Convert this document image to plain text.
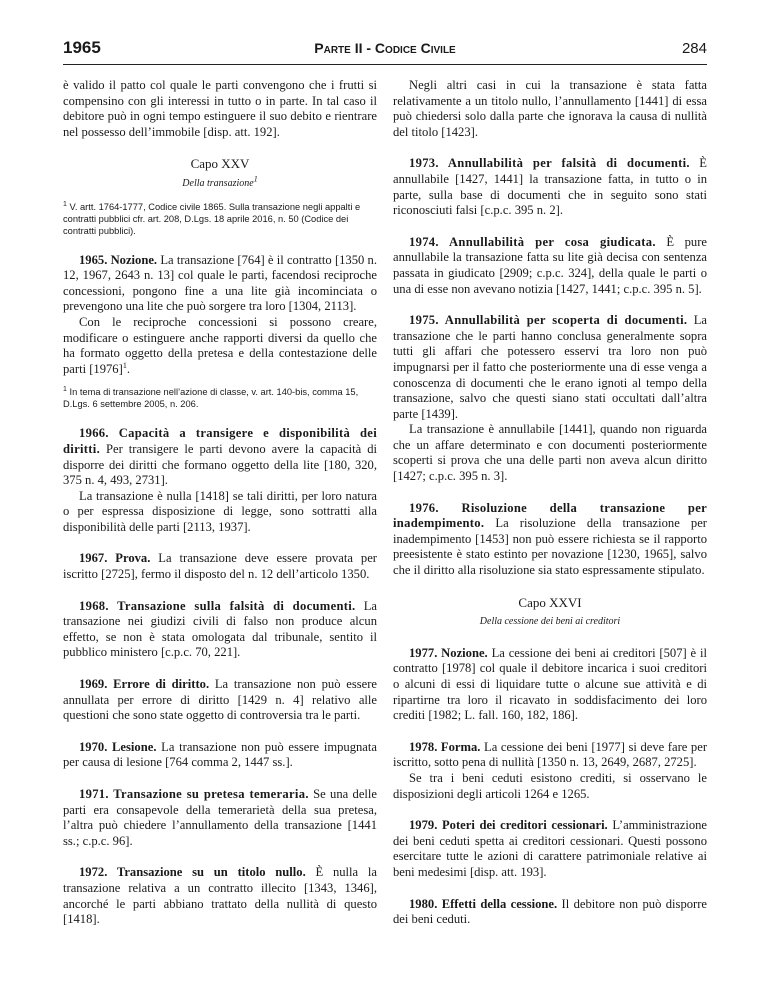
1965	Parte II - Codice Civile	284

è valido il patto col quale le parti convengono che i frutti si compensino con gli interessi in tutto o in parte. In tal caso il debitore può in ogni tempo estinguere il suo debito e rientrare nel possesso dell’immobile [disp. att. 192].

Capo XXV
Della transazione$^1$

$^1$ V. artt. 1764-1777, Codice civile 1865. Sulla transazione negli appalti e contratti pubblici cfr. art. 208, D.Lgs. 18 aprile 2016, n. 50 (Codice dei contratti pubblici).

1965. Nozione. La transazione [764] è il contratto [1350 n. 12, 1967, 2643 n. 13] col quale le parti, facendosi reciproche concessioni, pongono fine a una lite già incominciata o prevengono una lite che può sorgere tra loro [1304, 2113].

Con le reciproche concessioni si possono creare, modificare o estinguere anche rapporti diversi da quello che ha formato oggetto della pretesa e della contestazione delle parti $[1976]^1$.

$^1$ In tema di transazione nell’azione di classe, v. art. 140-bis, comma 15, D.Lgs. 6 settembre 2005, n. 206.

1966. Capacità a transigere e disponibilità dei diritti. Per transigere le parti devono avere la capacità di disporre dei diritti che formano oggetto della lite [180, 320, 375 n. 4, 493, 2731].

La transazione è nulla [1418] se tali diritti, per loro natura o per espressa disposizione di legge, sono sottratti alla disponibilità delle parti [2113, 1937].

1967. Prova. La transazione deve essere provata per iscritto [2725], fermo il disposto del n. 12 dell’articolo 1350.

1968. Transazione sulla falsità di documenti. La transazione nei giudizi civili di falso non produce alcun effetto, se non è stata omologata dal tribunale, sentito il pubblico ministero [c.p.c. 70, 221].

1969. Errore di diritto. La transazione non può essere annullata per errore di diritto [1429 n. 4] relativo alle questioni che sono state oggetto di controversia tra le parti.

1970. Lesione. La transazione non può essere impugnata per causa di lesione [764 comma 2, 1447 ss.].

1971. Transazione su pretesa temeraria. Se una delle parti era consapevole della temerarietà della sua pretesa, l’altra può chiedere l’annullamento della transazione [1441 ss.; c.p.c. 96].

1972. Transazione su un titolo nullo. È nulla la transazione relativa a un contratto illecito [1343, 1346], ancorché le parti abbiano trattato della nullità di questo [1418].

Negli altri casi in cui la transazione è stata fatta relativamente a un titolo nullo, l’annullamento [1441] di essa può chiedersi solo dalla parte che ignorava la causa di nullità del titolo [1423].

1973. Annullabilità per falsità di documenti. È annullabile [1427, 1441] la transazione fatta, in tutto o in parte, sulla base di documenti che in seguito sono stati riconosciuti falsi [c.p.c. 395 n. 2].

1974. Annullabilità per cosa giudicata. È pure annullabile la transazione fatta su lite già decisa con sentenza passata in giudicato [2909; c.p.c. 324], della quale le parti o una di esse non avevano notizia [1427, 1441; c.p.c. 395 n. 5].

1975. Annullabilità per scoperta di documenti. La transazione che le parti hanno conclusa generalmente sopra tutti gli affari che potessero esservi tra loro non può impugnarsi per il fatto che posteriormente una di esse venga a conoscenza di documenti che le erano ignoti al tempo della transazione, salvo che questi siano stati occultati dall’altra parte [1439].

La transazione è annullabile [1441], quando non riguarda che un affare determinato e con documenti posteriormente scoperti si prova che una delle parti non aveva alcun diritto [1427; c.p.c. 395 n. 3].

1976. Risoluzione della transazione per inadempimento. La risoluzione della transazione per inadempimento [1453] non può essere richiesta se il rapporto preesistente è stato estinto per novazione [1230, 1965], salvo che il diritto alla risoluzione sia stato espressamente stipulato.

Capo XXVI
Della cessione dei beni ai creditori

1977. Nozione. La cessione dei beni ai creditori [507] è il contratto [1978] col quale il debitore incarica i suoi creditori o alcuni di essi di liquidare tutte o alcune sue attività e di ripartirne tra loro il ricavato in soddisfacimento dei loro crediti [1982; L. fall. 160, 182, 186].

1978. Forma. La cessione dei beni [1977] si deve fare per iscritto, sotto pena di nullità [1350 n. 13, 2649, 2687, 2725].

Se tra i beni ceduti esistono crediti, si osservano le disposizioni degli articoli 1264 e 1265.

1979. Poteri dei creditori cessionari. L’amministrazione dei beni ceduti spetta ai creditori cessionari. Questi possono esercitare tutte le azioni di carattere patrimoniale relative ai beni medesimi [disp. att. 193].

1980. Effetti della cessione. Il debitore non può disporre dei beni ceduti.
